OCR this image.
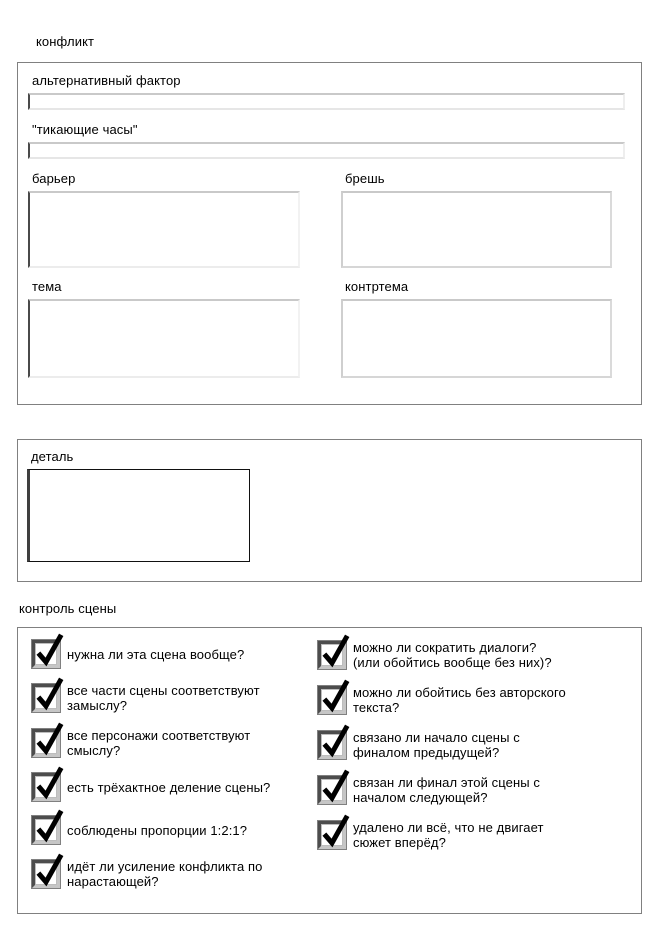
конфликт
альтернативный фактор
"тикающие часы"
барьер	брешь
тема	контртема
деталь
контроль сцены
нужна ли эта сцена вообще?
все части сцены соответствуют
замыслу?
все персонажи соответствуют
смыслу?
есть трёхактное деление сцены?
соблюдены пропорции 1:2:1?
идёт ли усиление конфликта по
нарастающей?
можно ли сократить диалоги?
(или обойтись вообще без них)?
можно ли обойтись без авторского
текста?
связано ли начало сцены с
финалом предыдущей?
связан ли финал этой сцены с
началом следующей?
удалено ли всё, что не двигает
сюжет вперёд?
